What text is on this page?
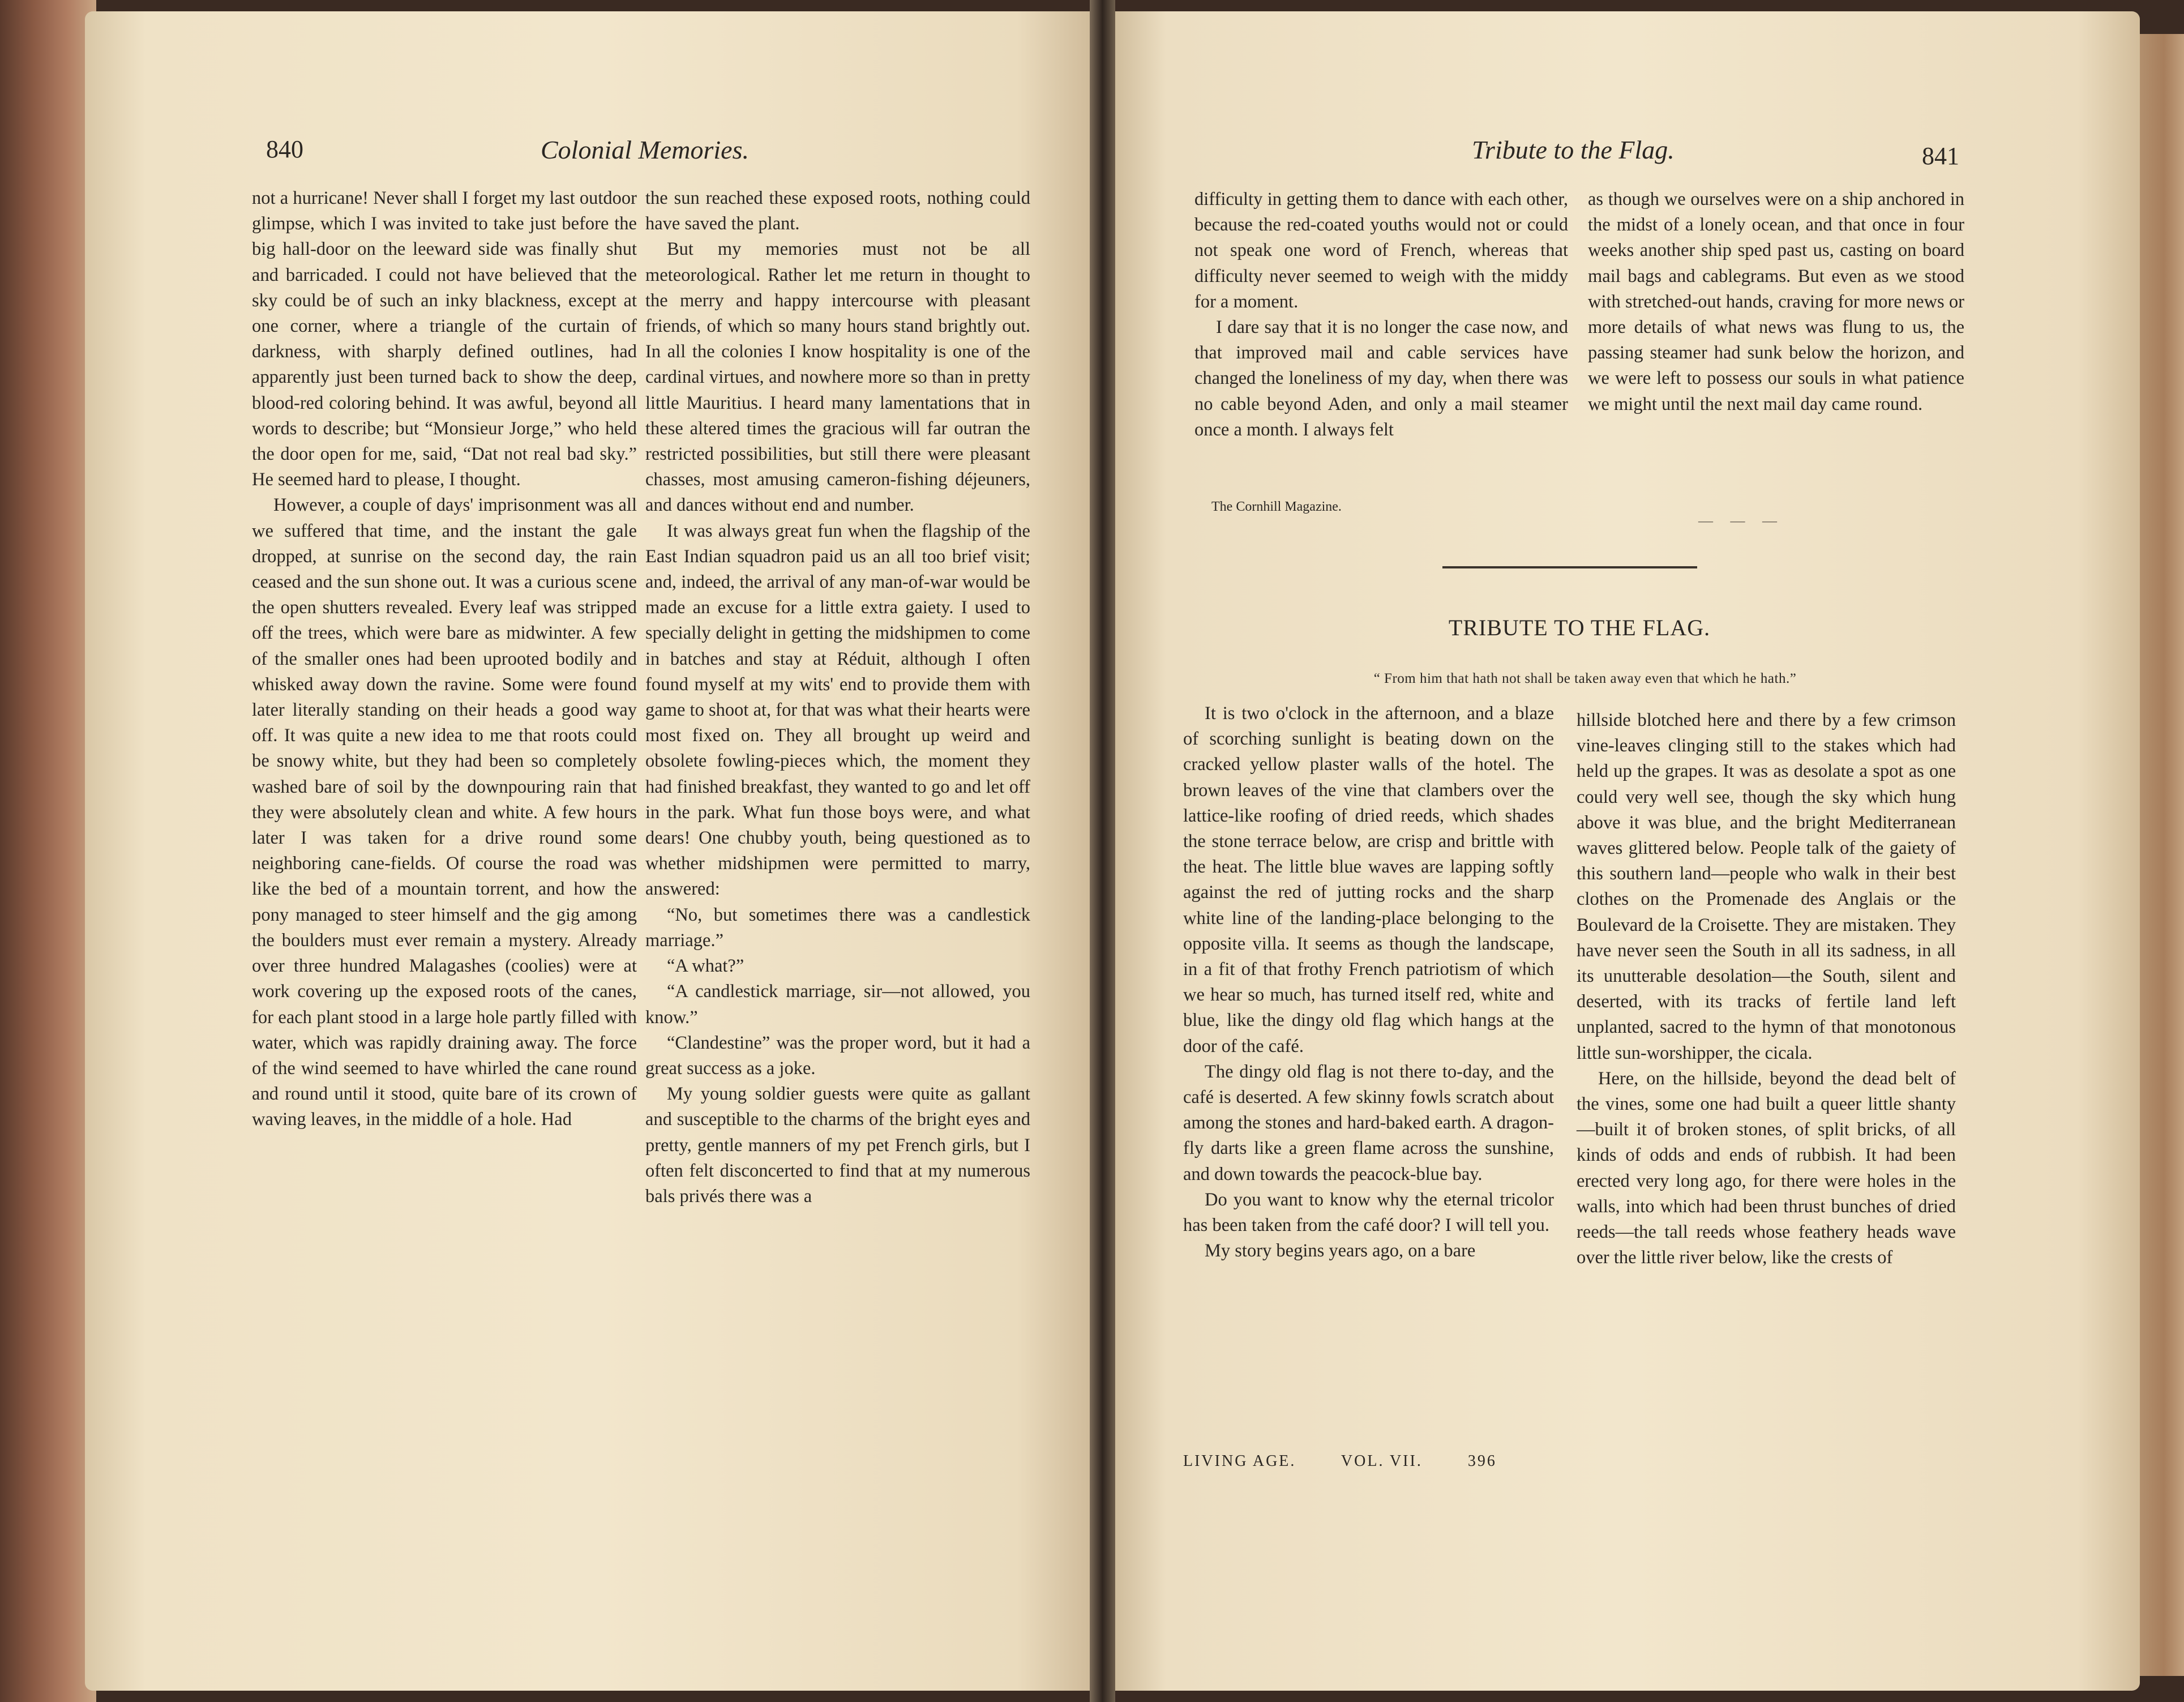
840	Colonial Memories.

not a hurricane! Never shall I forget my last outdoor glimpse, which I was invited to take just before the big hall-door on the leeward side was finally shut and barricaded. I could not have believed that the sky could be of such an inky blackness, except at one corner, where a triangle of the curtain of darkness, with sharply defined outlines, had apparently just been turned back to show the deep, blood-red coloring behind. It was awful, beyond all words to describe; but “Monsieur Jorge,” who held the door open for me, said, “Dat not real bad sky.” He seemed hard to please, I thought.

However, a couple of days' imprisonment was all we suffered that time, and the instant the gale dropped, at sunrise on the second day, the rain ceased and the sun shone out. It was a curious scene the open shutters revealed. Every leaf was stripped off the trees, which were bare as midwinter. A few of the smaller ones had been uprooted bodily and whisked away down the ravine. Some were found later literally standing on their heads a good way off. It was quite a new idea to me that roots could be snowy white, but they had been so completely washed bare of soil by the downpouring rain that they were absolutely clean and white. A few hours later I was taken for a drive round some neighboring cane-fields. Of course the road was like the bed of a mountain torrent, and how the pony managed to steer himself and the gig among the boulders must ever remain a mystery. Already over three hundred Malagashes (coolies) were at work covering up the exposed roots of the canes, for each plant stood in a large hole partly filled with water, which was rapidly draining away. The force of the wind seemed to have whirled the cane round and round until it stood, quite bare of its crown of waving leaves, in the middle of a hole. Had

the sun reached these exposed roots, nothing could have saved the plant.

But my memories must not be all meteorological. Rather let me return in thought to the merry and happy intercourse with pleasant friends, of which so many hours stand brightly out. In all the colonies I know hospitality is one of the cardinal virtues, and nowhere more so than in pretty little Mauritius. I heard many lamentations that in these altered times the gracious will far outran the restricted possibilities, but still there were pleasant chasses, most amusing cameron-fishing déjeuners, and dances without end and number.

It was always great fun when the flagship of the East Indian squadron paid us an all too brief visit; and, indeed, the arrival of any man-of-war would be made an excuse for a little extra gaiety. I used to specially delight in getting the midshipmen to come in batches and stay at Réduit, although I often found myself at my wits' end to provide them with game to shoot at, for that was what their hearts were most fixed on. They all brought up weird and obsolete fowling-pieces which, the moment they had finished breakfast, they wanted to go and let off in the park. What fun those boys were, and what dears! One chubby youth, being questioned as to whether midshipmen were permitted to marry, answered:

“No, but sometimes there was a candlestick marriage.”

“A what?”

“A candlestick marriage, sir—not allowed, you know.”

“Clandestine” was the proper word, but it had a great success as a joke.

My young soldier guests were quite as gallant and susceptible to the charms of the bright eyes and pretty, gentle manners of my pet French girls, but I often felt disconcerted to find that at my numerous bals privés there was a

Tribute to the Flag.	841

difficulty in getting them to dance with each other, because the red-coated youths would not or could not speak one word of French, whereas that difficulty never seemed to weigh with the middy for a moment.

I dare say that it is no longer the case now, and that improved mail and cable services have changed the loneliness of my day, when there was no cable beyond Aden, and only a mail steamer once a month. I always felt

as though we ourselves were on a ship anchored in the midst of a lonely ocean, and that once in four weeks another ship sped past us, casting on board mail bags and cablegrams. But even as we stood with stretched-out hands, craving for more news or more details of what news was flung to us, the passing steamer had sunk below the horizon, and we were left to possess our souls in what patience we might until the next mail day came round.

The Cornhill Magazine.
— — —
TRIBUTE TO THE FLAG.
“ From him that hath not shall be taken away even that which he hath.”

It is two o'clock in the afternoon, and a blaze of scorching sunlight is beating down on the cracked yellow plaster walls of the hotel. The brown leaves of the vine that clambers over the lattice-like roofing of dried reeds, which shades the stone terrace below, are crisp and brittle with the heat. The little blue waves are lapping softly against the red of jutting rocks and the sharp white line of the landing-place belonging to the opposite villa. It seems as though the landscape, in a fit of that frothy French patriotism of which we hear so much, has turned itself red, white and blue, like the dingy old flag which hangs at the door of the café.

The dingy old flag is not there to-day, and the café is deserted. A few skinny fowls scratch about among the stones and hard-baked earth. A dragon-fly darts like a green flame across the sunshine, and down towards the peacock-blue bay.

Do you want to know why the eternal tricolor has been taken from the café door? I will tell you.

My story begins years ago, on a bare

hillside blotched here and there by a few crimson vine-leaves clinging still to the stakes which had held up the grapes. It was as desolate a spot as one could very well see, though the sky which hung above it was blue, and the bright Mediterranean waves glittered below. People talk of the gaiety of this southern land—people who walk in their best clothes on the Promenade des Anglais or the Boulevard de la Croisette. They are mistaken. They have never seen the South in all its sadness, in all its unutterable desolation—the South, silent and deserted, with its tracks of fertile land left unplanted, sacred to the hymn of that monotonous little sun-worshipper, the cicala.

Here, on the hillside, beyond the dead belt of the vines, some one had built a queer little shanty—built it of broken stones, of split bricks, of all kinds of odds and ends of rubbish. It had been erected very long ago, for there were holes in the walls, into which had been thrust bunches of dried reeds—the tall reeds whose feathery heads wave over the little river below, like the crests of

LIVING AGE.	VOL. VII.	396
